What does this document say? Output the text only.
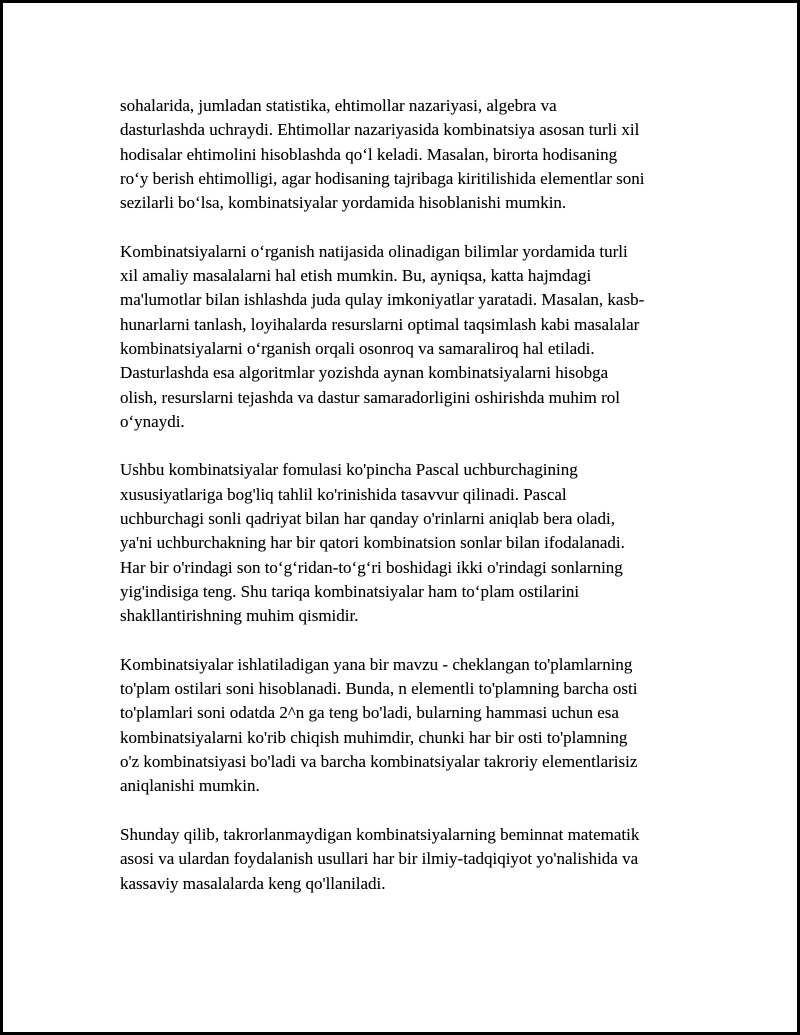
sohalarida, jumladan statistika, ehtimollar nazariyasi, algebra va
dasturlashda uchraydi. Ehtimollar nazariyasida kombinatsiya asosan turli xil
hodisalar ehtimolini hisoblashda qo‘l keladi. Masalan, birorta hodisaning
ro‘y berish ehtimolligi, agar hodisaning tajribaga kiritilishida elementlar soni
sezilarli bo‘lsa, kombinatsiyalar yordamida hisoblanishi mumkin.
Kombinatsiyalarni o‘rganish natijasida olinadigan bilimlar yordamida turli
xil amaliy masalalarni hal etish mumkin. Bu, ayniqsa, katta hajmdagi
ma'lumotlar bilan ishlashda juda qulay imkoniyatlar yaratadi. Masalan, kasb-
hunarlarni tanlash, loyihalarda resurslarni optimal taqsimlash kabi masalalar
kombinatsiyalarni o‘rganish orqali osonroq va samaraliroq hal etiladi.
Dasturlashda esa algoritmlar yozishda aynan kombinatsiyalarni hisobga
olish, resurslarni tejashda va dastur samaradorligini oshirishda muhim rol
o‘ynaydi.
Ushbu kombinatsiyalar fomulasi ko'pincha Pascal uchburchagining
xususiyatlariga bog'liq tahlil ko'rinishida tasavvur qilinadi. Pascal
uchburchagi sonli qadriyat bilan har qanday o'rinlarni aniqlab bera oladi,
ya'ni uchburchakning har bir qatori kombinatsion sonlar bilan ifodalanadi.
Har bir o'rindagi son to‘g‘ridan-to‘g‘ri boshidagi ikki o'rindagi sonlarning
yig'indisiga teng. Shu tariqa kombinatsiyalar ham to‘plam ostilarini
shakllantirishning muhim qismidir.
Kombinatsiyalar ishlatiladigan yana bir mavzu - cheklangan to'plamlarning
to'plam ostilari soni hisoblanadi. Bunda, n elementli to'plamning barcha osti
to'plamlari soni odatda 2^n ga teng bo'ladi, bularning hammasi uchun esa
kombinatsiyalarni ko'rib chiqish muhimdir, chunki har bir osti to'plamning
o'z kombinatsiyasi bo'ladi va barcha kombinatsiyalar takroriy elementlarisiz
aniqlanishi mumkin.
Shunday qilib, takrorlanmaydigan kombinatsiyalarning beminnat matematik
asosi va ulardan foydalanish usullari har bir ilmiy-tadqiqiyot yo'nalishida va
kassaviy masalalarda keng qo'llaniladi.
